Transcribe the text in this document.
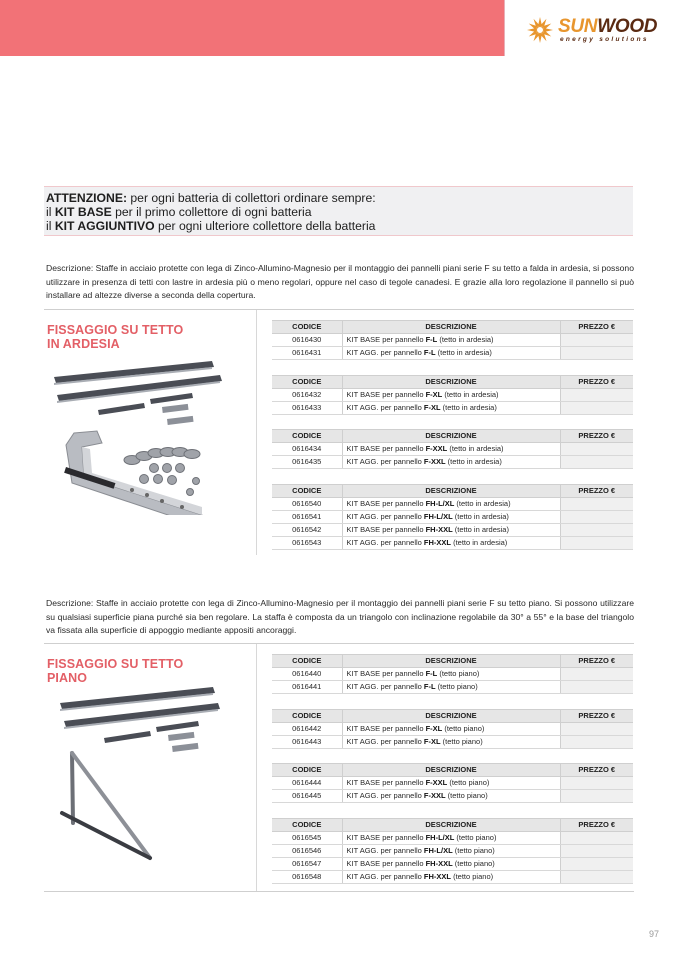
SUNWOOD
energy solutions
ATTENZIONE: per ogni batteria di collettori ordinare sempre:
il KIT BASE per il primo collettore di ogni batteria
il KIT AGGIUNTIVO per ogni ulteriore collettore della batteria

Descrizione: Staffe in acciaio protette con lega di Zinco-Allumino-Magnesio per il montaggio dei pannelli piani serie F su tetto a falda in ardesia, si possono utilizzare in presenza di tetti con lastre in ardesia più o meno regolari, oppure nel caso di tegole canadesi. E grazie alla loro regolazione il pannello si può installare ad altezze diverse a seconda della copertura.

FISSAGGIO SU TETTO
IN ARDESIA
CODICE	DESCRIZIONE	PREZZO €
0616430	KIT BASE per pannello F-L (tetto in ardesia)	
0616431	KIT AGG. per pannello F-L (tetto in ardesia)	
CODICE	DESCRIZIONE	PREZZO €
0616432	KIT BASE per pannello F-XL (tetto in ardesia)	
0616433	KIT AGG. per pannello F-XL (tetto in ardesia)	
CODICE	DESCRIZIONE	PREZZO €
0616434	KIT BASE per pannello F-XXL (tetto in ardesia)	
0616435	KIT AGG. per pannello F-XXL (tetto in ardesia)	
CODICE	DESCRIZIONE	PREZZO €
0616540	KIT BASE per pannello FH-L/XL (tetto in ardesia)	
0616541	KIT AGG. per pannello FH-L/XL (tetto in ardesia)	
0616542	KIT BASE per pannello FH-XXL (tetto in ardesia)	
0616543	KIT AGG. per pannello FH-XXL (tetto in ardesia)	

Descrizione: Staffe in acciaio protette con lega di Zinco-Allumino-Magnesio per il montaggio dei pannelli piani serie F su tetto piano. Si possono utilizzare su qualsiasi superficie piana purché sia ben regolare. La staffa è composta da un triangolo con inclinazione regolabile da 30° a 55° e la base del triangolo va fissata alla superficie di appoggio mediante appositi ancoraggi.

FISSAGGIO SU TETTO
PIANO
CODICE	DESCRIZIONE	PREZZO €
0616440	KIT BASE per pannello F-L (tetto piano)	
0616441	KIT AGG. per pannello F-L (tetto piano)	
CODICE	DESCRIZIONE	PREZZO €
0616442	KIT BASE per pannello F-XL (tetto piano)	
0616443	KIT AGG. per pannello F-XL (tetto piano)	
CODICE	DESCRIZIONE	PREZZO €
0616444	KIT BASE per pannello F-XXL (tetto piano)	
0616445	KIT AGG. per pannello F-XXL (tetto piano)	
CODICE	DESCRIZIONE	PREZZO €
0616545	KIT BASE per pannello FH-L/XL (tetto piano)	
0616546	KIT AGG. per pannello FH-L/XL (tetto piano)	
0616547	KIT BASE per pannello FH-XXL (tetto piano)	
0616548	KIT AGG. per pannello FH-XXL (tetto piano)	
97
